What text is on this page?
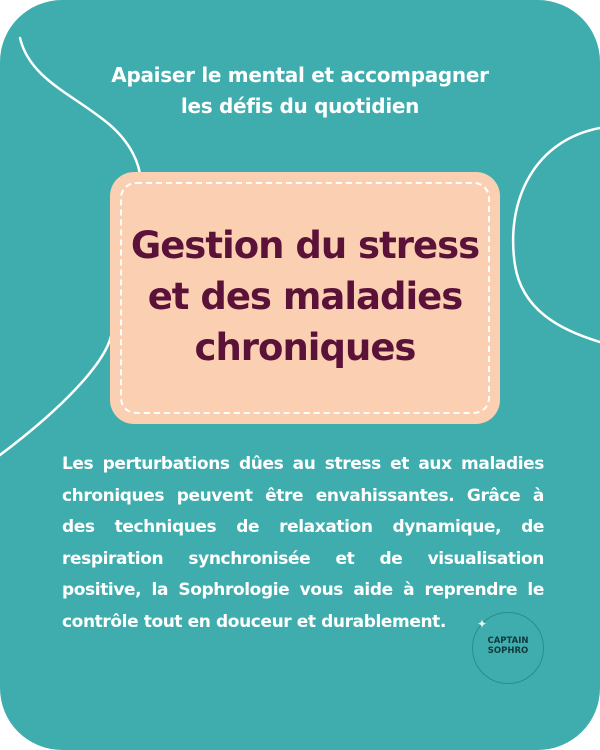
Apaiser le mental et accompagner
les défis du quotidien
Gestion du stress
et des maladies
chroniques
Les perturbations dûes au stress et aux maladies chroniques peuvent être envahissantes. Grâce à des techniques de relaxation dynamique, de respiration synchronisée et de visualisation positive, la Sophrologie vous aide à reprendre le contrôle tout en douceur et durablement.	✦
CAPTAIN
SOPHRO
